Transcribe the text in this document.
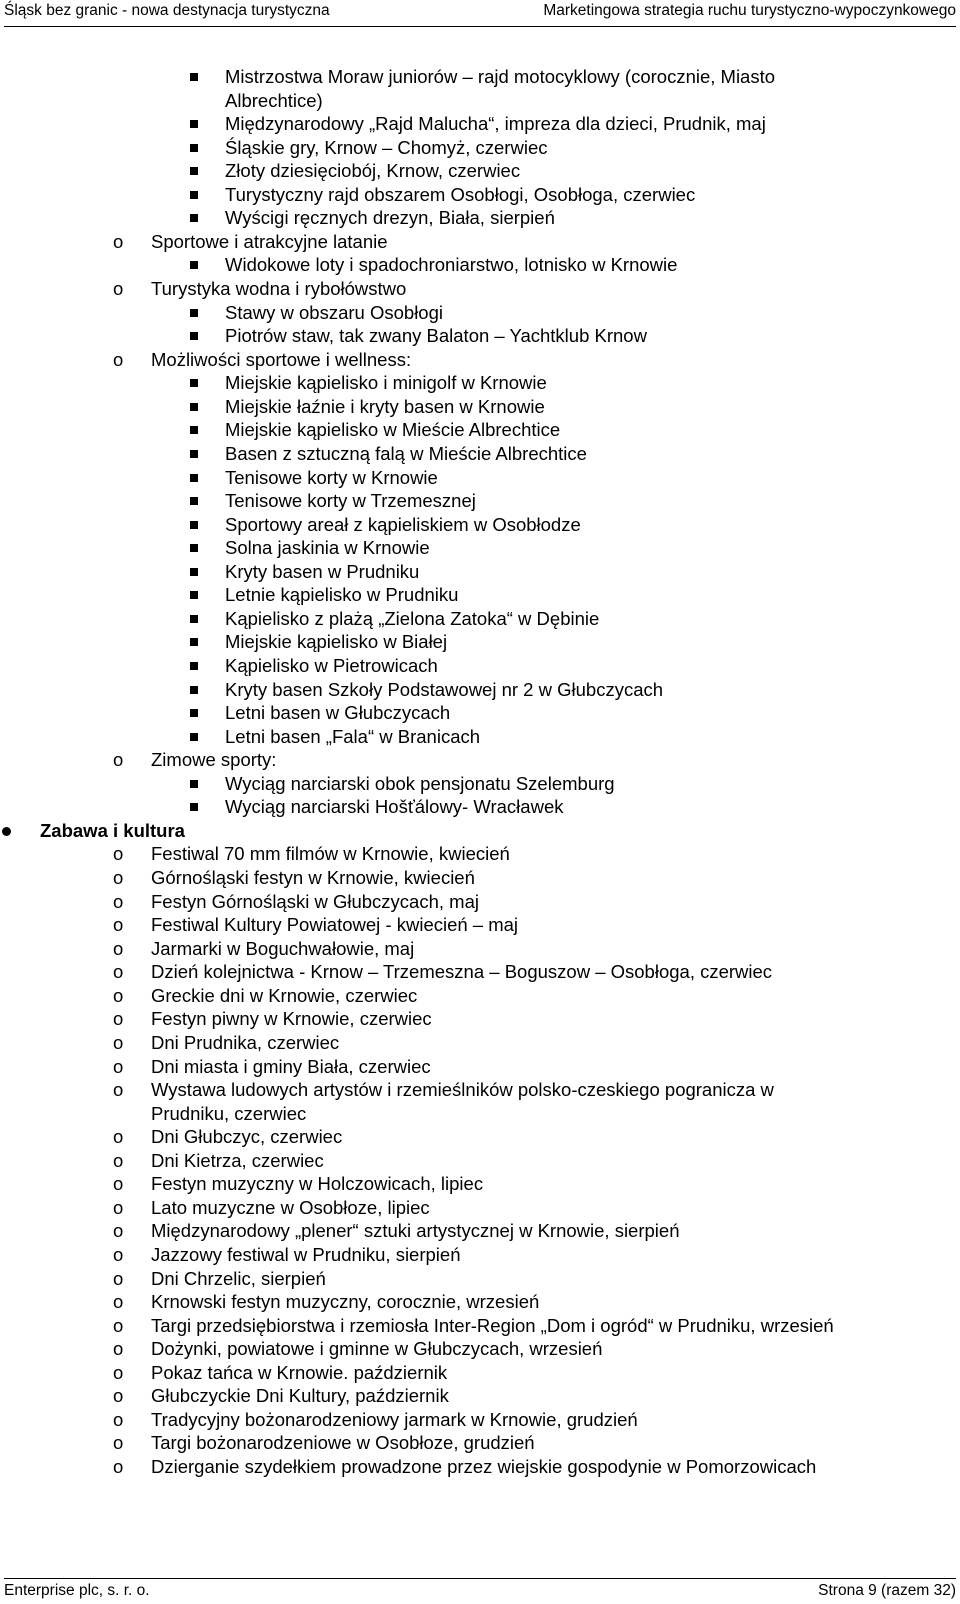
Śląsk bez granic - nowa destynacja turystyczna	Marketingowa strategia ruchu turystyczno-wypoczynkowego
Mistrzostwa Moraw juniorów – rajd motocyklowy (corocznie, Miasto
Albrechtice)
Międzynarodowy „Rajd Malucha“, impreza dla dzieci, Prudnik, maj
Śląskie gry, Krnow – Chomyż, czerwiec
Złoty dziesięciobój, Krnow, czerwiec
Turystyczny rajd obszarem Osobłogi, Osobłoga, czerwiec
Wyścigi ręcznych drezyn, Biała, sierpień
o Sportowe i atrakcyjne latanie
Widokowe loty i spadochroniarstwo, lotnisko w Krnowie
o Turystyka wodna i rybołówstwo
Stawy w obszaru Osobłogi
Piotrów staw, tak zwany Balaton – Yachtklub Krnow
o Możliwości sportowe i wellness:
Miejskie kąpielisko i minigolf w Krnowie
Miejskie łaźnie i kryty basen w Krnowie
Miejskie kąpielisko w Mieście Albrechtice
Basen z sztuczną falą w Mieście Albrechtice
Tenisowe korty w Krnowie
Tenisowe korty w Trzemesznej
Sportowy areał z kąpieliskiem w Osobłodze
Solna jaskinia w Krnowie
Kryty basen w Prudniku
Letnie kąpielisko w Prudniku
Kąpielisko z plażą „Zielona Zatoka“ w Dębinie
Miejskie kąpielisko w Białej
Kąpielisko w Pietrowicach
Kryty basen Szkoły Podstawowej nr 2 w Głubczycach
Letni basen w Głubczycach
Letni basen „Fala“ w Branicach
o Zimowe sporty:
Wyciąg narciarski obok pensjonatu Szelemburg
Wyciąg narciarski Hošťálowy- Wracławek
Zabawa i kultura
o Festiwal 70 mm filmów w Krnowie, kwiecień
o Górnośląski festyn w Krnowie, kwiecień
o Festyn Górnośląski w Głubczycach, maj
o Festiwal Kultury Powiatowej - kwiecień – maj
o Jarmarki w Boguchwałowie, maj
o Dzień kolejnictwa - Krnow – Trzemeszna – Boguszow – Osobłoga, czerwiec
o Greckie dni w Krnowie, czerwiec
o Festyn piwny w Krnowie, czerwiec
o Dni Prudnika, czerwiec
o Dni miasta i gminy Biała, czerwiec
o Wystawa ludowych artystów i rzemieślników polsko-czeskiego pogranicza w
Prudniku, czerwiec
o Dni Głubczyc, czerwiec
o Dni Kietrza, czerwiec
o Festyn muzyczny w Holczowicach, lipiec
o Lato muzyczne w Osobłoze, lipiec
o Międzynarodowy „plener“ sztuki artystycznej w Krnowie, sierpień
o Jazzowy festiwal w Prudniku, sierpień
o Dni Chrzelic, sierpień
o Krnowski festyn muzyczny, corocznie, wrzesień
o Targi przedsiębiorstwa i rzemiosła Inter-Region „Dom i ogród“ w Prudniku, wrzesień
o Dożynki, powiatowe i gminne w Głubczycach, wrzesień
o Pokaz tańca w Krnowie. październik
o Głubczyckie Dni Kultury, październik
o Tradycyjny bożonarodzeniowy jarmark w Krnowie, grudzień
o Targi bożonarodzeniowe w Osobłoze, grudzień
o Dzierganie szydełkiem prowadzone przez wiejskie gospodynie w Pomorzowicach
Enterprise plc, s. r. o.	Strona 9 (razem 32)
